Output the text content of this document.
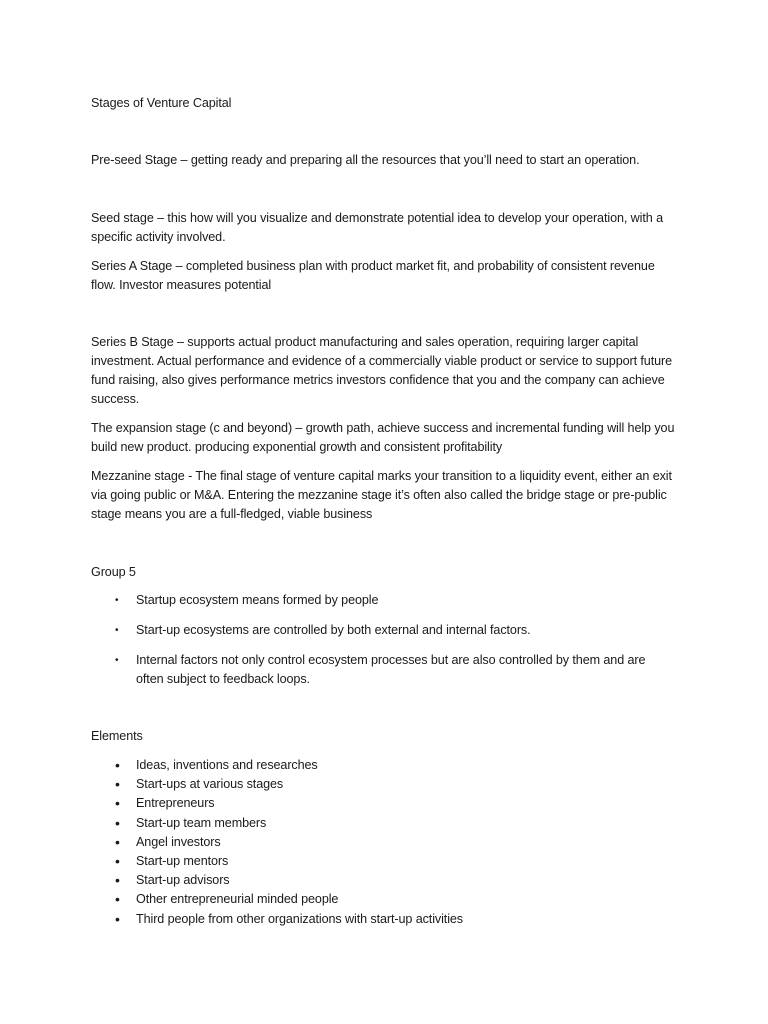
Stages of Venture Capital

Pre-seed Stage – getting ready and preparing all the resources that you’ll need to start an operation.

Seed stage – this how will you visualize and demonstrate potential idea to develop your operation, with a specific activity involved.

Series A Stage – completed business plan with product market fit, and probability of consistent revenue flow. Investor measures potential

Series B Stage – supports actual product manufacturing and sales operation, requiring larger capital investment. Actual performance and evidence of a commercially viable product or service to support future fund raising, also gives performance metrics investors confidence that you and the company can achieve success.

The expansion stage (c and beyond) – growth path, achieve success and incremental funding will help you build new product. producing exponential growth and consistent profitability

Mezzanine stage - The final stage of venture capital marks your transition to a liquidity event, either an exit via going public or M&A. Entering the mezzanine stage it’s often also called the bridge stage or pre-public stage means you are a full-fledged, viable business

Group 5

• Startup ecosystem means formed by people
• Start-up ecosystems are controlled by both external and internal factors.
• Internal factors not only control ecosystem processes but are also controlled by them and are often subject to feedback loops.

Elements

• Ideas, inventions and researches
• Start-ups at various stages
• Entrepreneurs
• Start-up team members
• Angel investors
• Start-up mentors
• Start-up advisors
• Other entrepreneurial minded people
• Third people from other organizations with start-up activities
